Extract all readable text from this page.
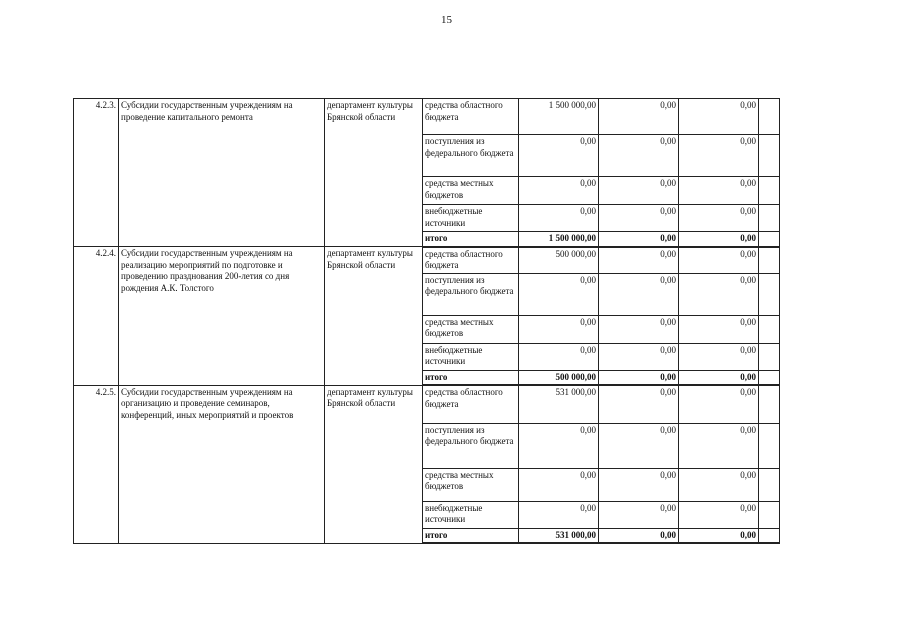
15
4.2.3.	Субсидии государственным учреждениям на проведение капитального ремонта	департамент культуры Брянской области	средства областного бюджета	1 500 000,00	0,00	0,00	
			поступления из федерального бюджета	0,00	0,00	0,00	
			средства местных бюджетов	0,00	0,00	0,00	
			внебюджетные источники	0,00	0,00	0,00	
			итого	1 500 000,00	0,00	0,00	
4.2.4.	Субсидии государственным учреждениям на реализацию мероприятий по подготовке и проведению празднования 200-летия со дня рождения А.К. Толстого	департамент культуры Брянской области	средства областного бюджета	500 000,00	0,00	0,00	
			поступления из федерального бюджета	0,00	0,00	0,00	
			средства местных бюджетов	0,00	0,00	0,00	
			внебюджетные источники	0,00	0,00	0,00	
			итого	500 000,00	0,00	0,00	
4.2.5.	Субсидии государственным учреждениям на организацию и проведение семинаров, конференций, иных мероприятий и проектов	департамент культуры Брянской области	средства областного бюджета	531 000,00	0,00	0,00	
			поступления из федерального бюджета	0,00	0,00	0,00	
			средства местных бюджетов	0,00	0,00	0,00	
			внебюджетные источники	0,00	0,00	0,00	
			итого	531 000,00	0,00	0,00	
